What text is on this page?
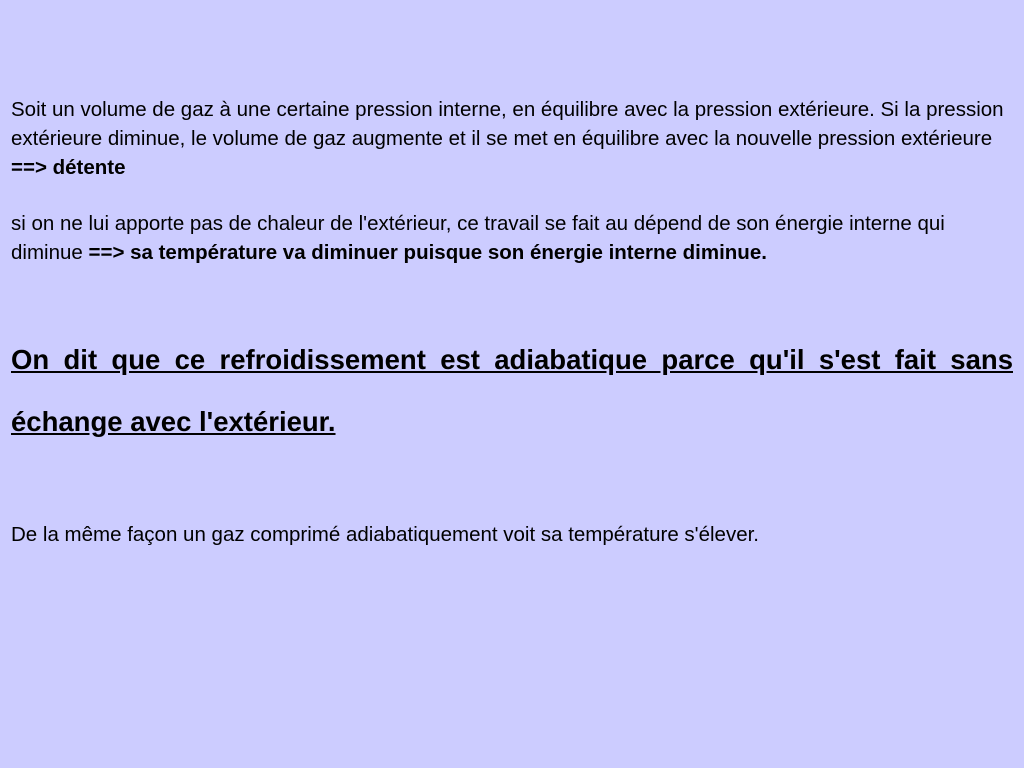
Soit un volume de gaz à une certaine pression interne, en équilibre avec la pression extérieure. Si la pression extérieure diminue, le volume de gaz augmente et il se met en équilibre avec la nouvelle pression extérieure ==> détente

si on ne lui apporte pas de chaleur de l'extérieur, ce travail se fait au dépend de son énergie interne qui diminue ==> sa température va diminuer puisque son énergie interne diminue.

On dit que ce refroidissement est adiabatique parce qu'il s'est fait sans échange avec l'extérieur.

De la même façon un gaz comprimé adiabatiquement voit sa température s'élever.
